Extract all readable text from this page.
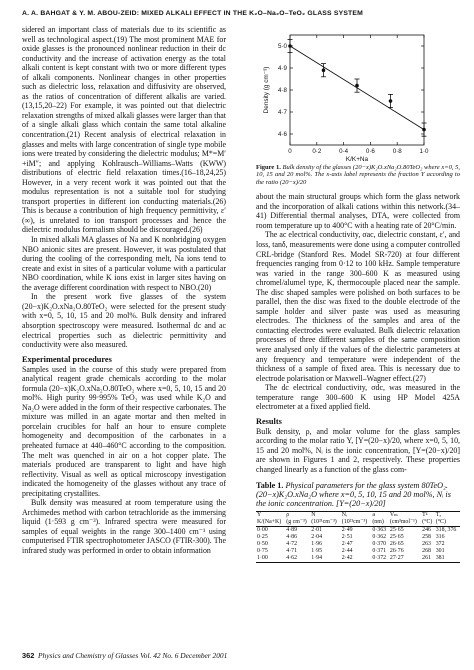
A. A. BAHGAT & Y. M. ABOU-ZEID: MIXED ALKALI EFFECT IN THE K₂O–Na₂O–TeO₂ GLASS SYSTEM

sidered an important class of materials due to its scientific as well as technological aspect.(19) The most prominent MAE for oxide glasses is the pronounced nonlinear reduction in their dc conductivity and the increase of activation energy as the total alkali content is kept constant with two or more different types of alkali components. Nonlinear changes in other properties such as dielectric loss, relaxation and diffusivity are observed, as the ratios of concentration of different alkalis are varied.(13,15,20–22) For example, it was pointed out that dielectric relaxation strengths of mixed alkali glasses were larger than that of a single alkali glass which contain the same total alkaline concentration.(21) Recent analysis of electrical relaxation in glasses and melts with large concentration of single type mobile ions were treated by considering the dielectric modulus; M*=M′+iM″; and applying Kohlrausch–Williams–Watts (KWW) distributions of electric field relaxation times.(16–18,24,25) However, in a very recent work it was pointed out that the modulus representation is not a suitable tool for studying transport properties in different ion conducting materials.(26) This is because a contribution of high frequency permittivity, ε′(∞), is unrelated to ion transport processes and hence the dielectric modulus formalism should be discouraged.(26)

In mixed alkali MA glasses of Na and K nonbridging oxygen NBO anionic sites are present. However, it was postulated that during the cooling of the corresponding melt, Na ions tend to create and exist in sites of a particular volume with a particular NBO coordination, while K ions exist in larger sites having on the average different coordination with respect to NBO.(20)

In the present work five glasses of the system (20−x)K₂O.xNa₂O.80TeO₂ were selected for the present study with x=0, 5, 10, 15 and 20 mol%. Bulk density and infrared absorption spectroscopy were measured. Isothermal dc and ac electrical properties such as dielectric permittivity and conductivity were also measured.

Experimental procedures

Samples used in the course of this study were prepared from analytical reagent grade chemicals according to the molar formula (20−x)K₂O.xNa₂O.80TeO₂ where x=0, 5, 10, 15 and 20 mol%. High purity 99·995% TeO₂ was used while K₂O and Na₂O were added in the form of their respective carbonates. The mixture was milled in an agate mortar and then melted in porcelain crucibles for half an hour to ensure complete homogeneity and decomposition of the carbonates in a preheated furnace at 440–460°C according to the composition. The melt was quenched in air on a hot copper plate. The materials produced are transparent to light and have high reflectivity. Visual as well as optical microscopy investigation indicated the homogeneity of the glasses without any trace of precipitating crystallites.

Bulk density was measured at room temperature using the Archimedes method with carbon tetrachloride as the immersing liquid (1·593 g cm⁻³). Infrared spectra were measured for samples of equal weights in the range 300–1400 cm⁻¹ using computerised FTIR spectrophotometer JASCO (FTIR-300). The infrared study was performed in order to obtain information

4·6
4·7
4·8
4·9
5·0
0	0·2	0·4	0·6	0·8	1·0
K/K+Na
Density (g cm⁻³)

Figure 1. Bulk density of the glasses (20−x)K₂O.xNa₂O.80TeO₂ where x=0, 5, 10, 15 and 20 mol%. The x-axis label represents the fraction Y according to the ratio (20−x)/20

about the main structural groups which form the glass network and the incorporation of alkali cations within this network.(34–41) Differential thermal analyses, DTA, were collected from room temperature up to 400°C with a heating rate of 20°C/min.

The ac electrical conductivity, σac, dielectric constant, ε′, and loss, tanδ, measurements were done using a computer controlled CRL-bridge (Stanford Res. Model SR-720) at four different frequencies ranging from 0·12 to 100 kHz. Sample temperature was varied in the range 300–600 K as measured using chromel/alumel type, K, thermocouple placed near the sample. The disc shaped samples were polished on both surfaces to be parallel, then the disc was fixed to the double electrode of the sample holder and silver paste was used as measuring electrodes. The thickness of the samples and area of the contacting electrodes were evaluated. Bulk dielectric relaxation processes of three different samples of the same composition were analysed only if the values of the dielectric parameters at any frequency and temperature were independent of the thickness of a sample of fixed area. This is necessary due to electrode polarisation or Maxwell–Wagner effect.(27)

The dc electrical conductivity, σdc, was measured in the temperature range 300–600 K using HP Model 425A electrometer at a fixed applied field.

Results

Bulk density, ρ, and molar volume for the glass samples according to the molar ratio Y, [Y=(20−x)/20, where x=0, 5, 10, 15 and 20 mol%, Nᵢ is the ionic concentration, [Y=(20−x)/20] are shown in Figures 1 and 2, respectively. These properties changed linearly as a function of the glass com-

Table 1. Physical parameters for the glass system 80TeO₂.(20−x)K₂O.xNa₂O where x=0, 5, 10, 15 and 20 mol%, Nᵢ is the ionic concentration. [Y=(20−x)/20]

Y	ρ	N	Nᵢ	a	Vₘ	Tᵍ	Tₓ
K/(Na+K)	(g cm⁻³)	(10²¹cm⁻³)	(10²¹cm⁻³)	(nm)	(cm³mol⁻¹)	(°C)	(°C)
0·00	4·89	2·01	2·49	0·363	25·65	246	318, 376
0·25	4·86	2·04	2·51	0·362	25·65	258	316
0·50	4·72	1·96	2·47	0·370	26·65	263	372
0·75	4·71	1·95	2·44	0·371	26·76	268	301
1·00	4·62	1·94	2·42	0·372	27·27	261	381
362 Physics and Chemistry of Glasses Vol. 42 No. 6 December 2001
